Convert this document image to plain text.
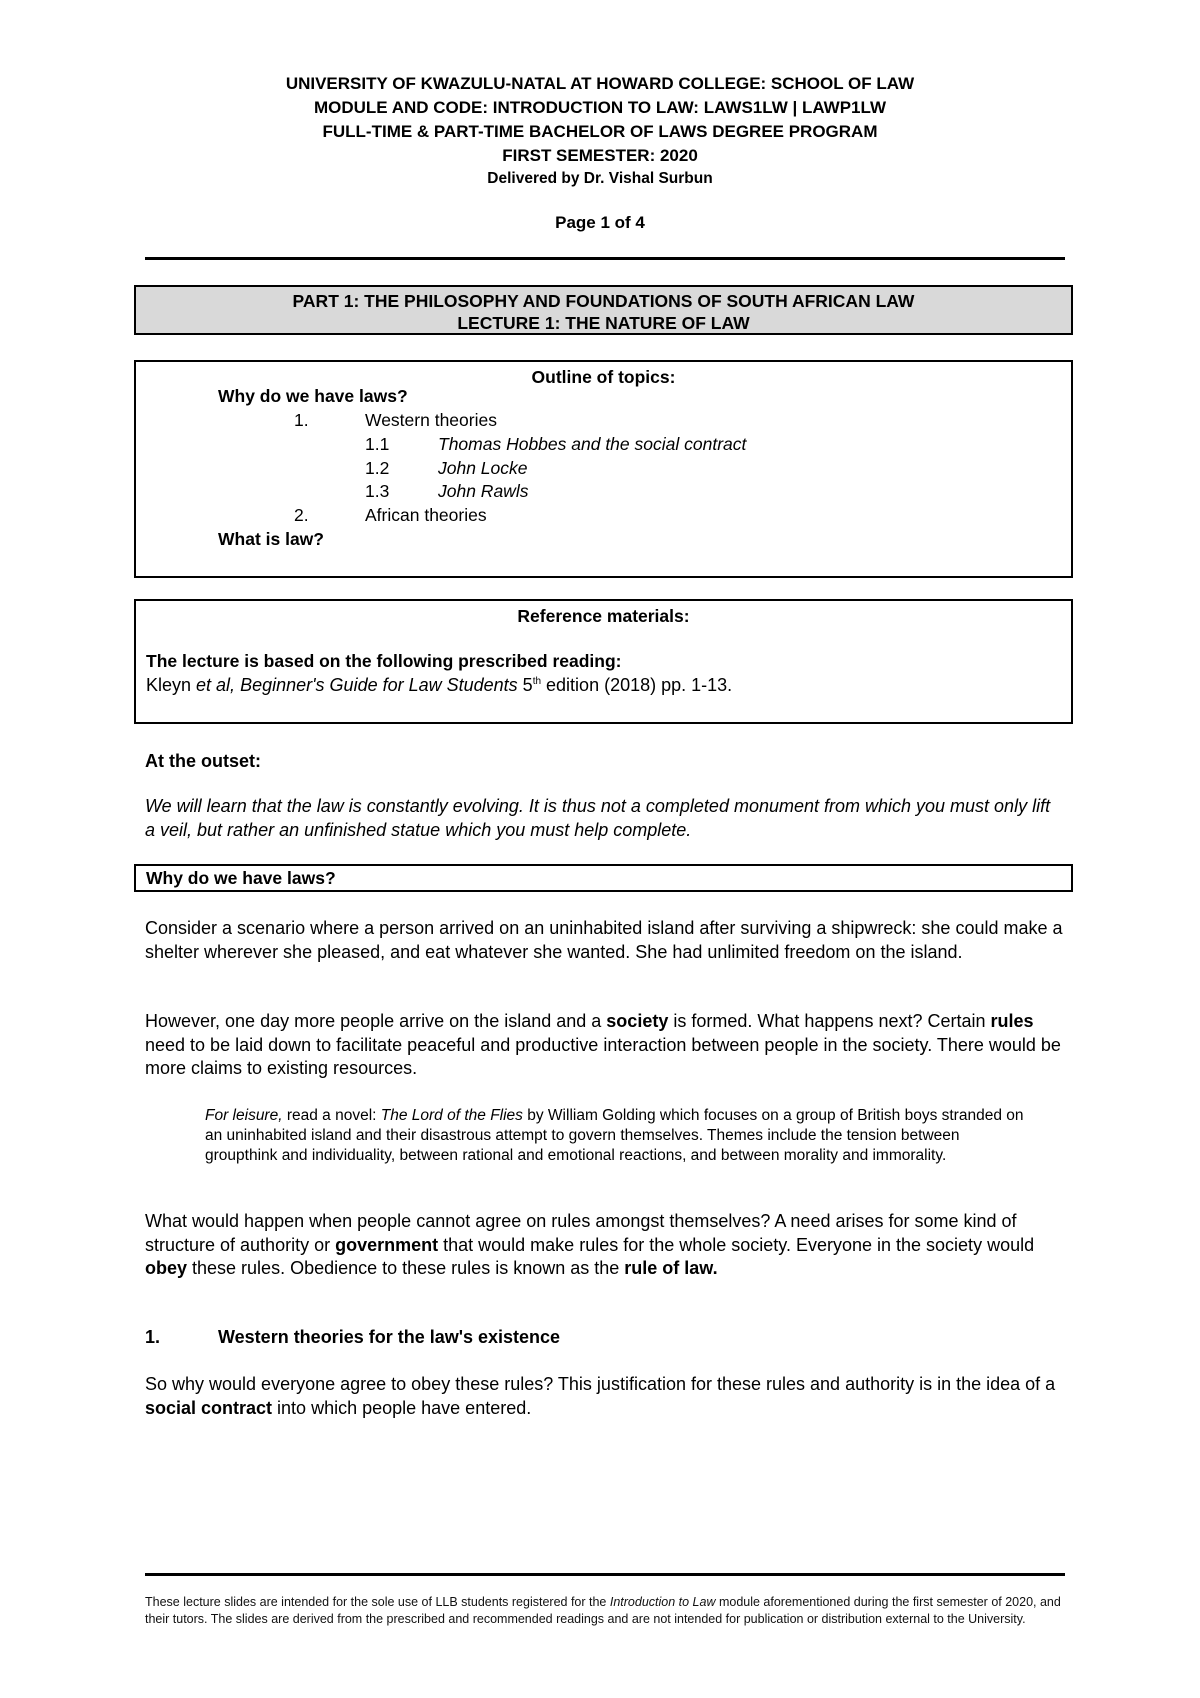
UNIVERSITY OF KWAZULU-NATAL AT HOWARD COLLEGE: SCHOOL OF LAW
MODULE AND CODE: INTRODUCTION TO LAW: LAWS1LW | LAWP1LW
FULL-TIME & PART-TIME BACHELOR OF LAWS DEGREE PROGRAM
FIRST SEMESTER: 2020
Delivered by Dr. Vishal Surbun
Page 1 of 4
PART 1: THE PHILOSOPHY AND FOUNDATIONS OF SOUTH AFRICAN LAW
LECTURE 1: THE NATURE OF LAW
Outline of topics:
Why do we have laws?
1.	Western theories
1.1	Thomas Hobbes and the social contract
1.2	John Locke
1.3	John Rawls
2.	African theories
What is law?
Reference materials:
The lecture is based on the following prescribed reading:
Kleyn et al, Beginner's Guide for Law Students 5th edition (2018) pp. 1-13.
At the outset:
We will learn that the law is constantly evolving. It is thus not a completed monument from which you must only lift a veil, but rather an unfinished statue which you must help complete.
Why do we have laws?
Consider a scenario where a person arrived on an uninhabited island after surviving a shipwreck: she could make a shelter wherever she pleased, and eat whatever she wanted. She had unlimited freedom on the island.
However, one day more people arrive on the island and a society is formed. What happens next? Certain rules need to be laid down to facilitate peaceful and productive interaction between people in the society. There would be more claims to existing resources.
For leisure, read a novel: The Lord of the Flies by William Golding which focuses on a group of British boys stranded on an uninhabited island and their disastrous attempt to govern themselves. Themes include the tension between groupthink and individuality, between rational and emotional reactions, and between morality and immorality.
What would happen when people cannot agree on rules amongst themselves? A need arises for some kind of structure of authority or government that would make rules for the whole society. Everyone in the society would obey these rules. Obedience to these rules is known as the rule of law.
1.	Western theories for the law's existence
So why would everyone agree to obey these rules? This justification for these rules and authority is in the idea of a social contract into which people have entered.
These lecture slides are intended for the sole use of LLB students registered for the Introduction to Law module aforementioned during the first semester of 2020, and their tutors. The slides are derived from the prescribed and recommended readings and are not intended for publication or distribution external to the University.
